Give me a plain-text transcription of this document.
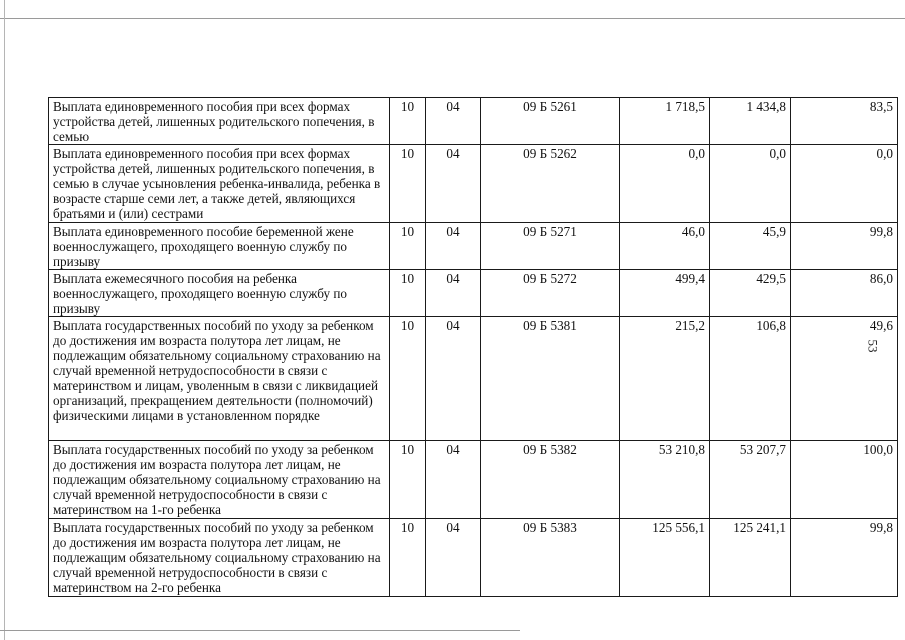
Выплата единовременного пособия при всех формах устройства детей, лишенных родительского попечения, в семью	10	04	09 Б 5261	1 718,5	1 434,8	83,5
Выплата единовременного пособия при всех формах устройства детей, лишенных родительского попечения, в семью в случае усыновления ребенка-инвалида, ребенка в возрасте старше семи лет, а также детей, являющихся братьями и (или) сестрами	10	04	09 Б 5262	0,0	0,0	0,0
Выплата единовременного пособие беременной жене военнослужащего, проходящего военную службу по призыву	10	04	09 Б 5271	46,0	45,9	99,8
Выплата ежемесячного пособия на ребенка военнослужащего, проходящего военную службу по призыву	10	04	09 Б 5272	499,4	429,5	86,0
Выплата государственных пособий по уходу за ребенком до достижения им возраста полутора лет лицам, не подлежащим обязательному социальному страхованию на случай временной нетрудоспособности в связи с материнством и лицам, уволенным в связи с ликвидацией организаций, прекращением деятельности (полномочий) физическими лицами в установленном порядке	10	04	09 Б 5381	215,2	106,8	49,6
Выплата государственных пособий по уходу за ребенком до достижения им возраста полутора лет лицам, не подлежащим обязательному социальному страхованию на случай временной нетрудоспособности в связи с материнством на 1-го ребенка	10	04	09 Б 5382	53 210,8	53 207,7	100,0
Выплата государственных пособий по уходу за ребенком до достижения им возраста полутора лет лицам, не подлежащим обязательному социальному страхованию на случай временной нетрудоспособности в связи с материнством на 2-го ребенка	10	04	09 Б 5383	125 556,1	125 241,1	99,8
53
